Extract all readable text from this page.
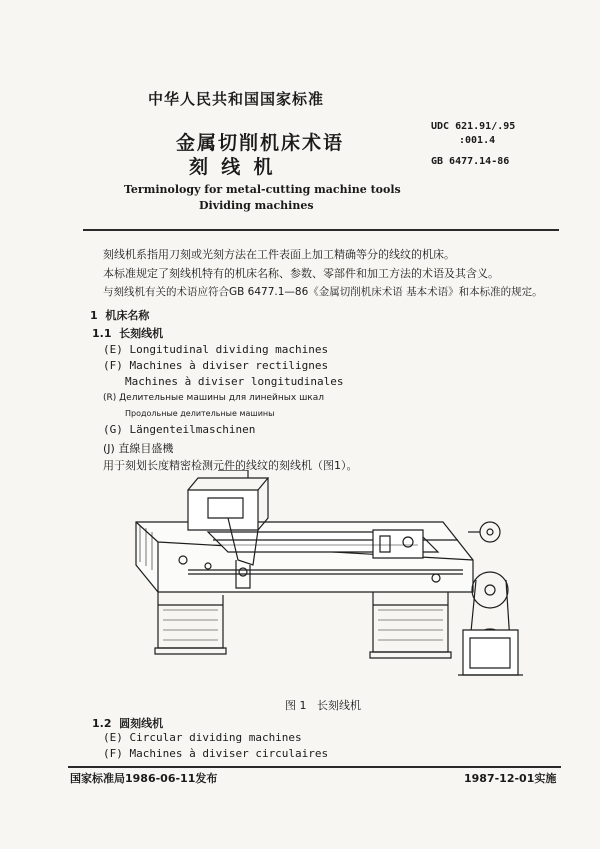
中华人民共和国国家标准
金属切削机床术语
刻  线  机
Terminology for metal-cutting machine tools
Dividing machines
UDC 621.91/.95
:001.4
GB 6477.14-86
刻线机系指用刀刻或光刻方法在工件表面上加工精确等分的线纹的机床。
本标准规定了刻线机特有的机床名称、参数、零部件和加工方法的术语及其含义。
与刻线机有关的术语应符合GB 6477.1—86《金属切削机床术语 基本术语》和本标准的规定。
1  机床名称
1.1  长刻线机
(E) Longitudinal dividing machines
(F) Machines à diviser rectilignes
Machines à diviser longitudinales
(R) Делительные машины для линейных шкал
Продольные делительные машины
(G) Längenteilmaschinen
(J) 直線目盛機
用于刻划长度精密检测元件的线纹的刻线机（图1）。
图 1   长刻线机
1.2  圆刻线机
(E) Circular dividing machines
(F) Machines à diviser circulaires
国家标准局1986-06-11发布	1987-12-01实施
